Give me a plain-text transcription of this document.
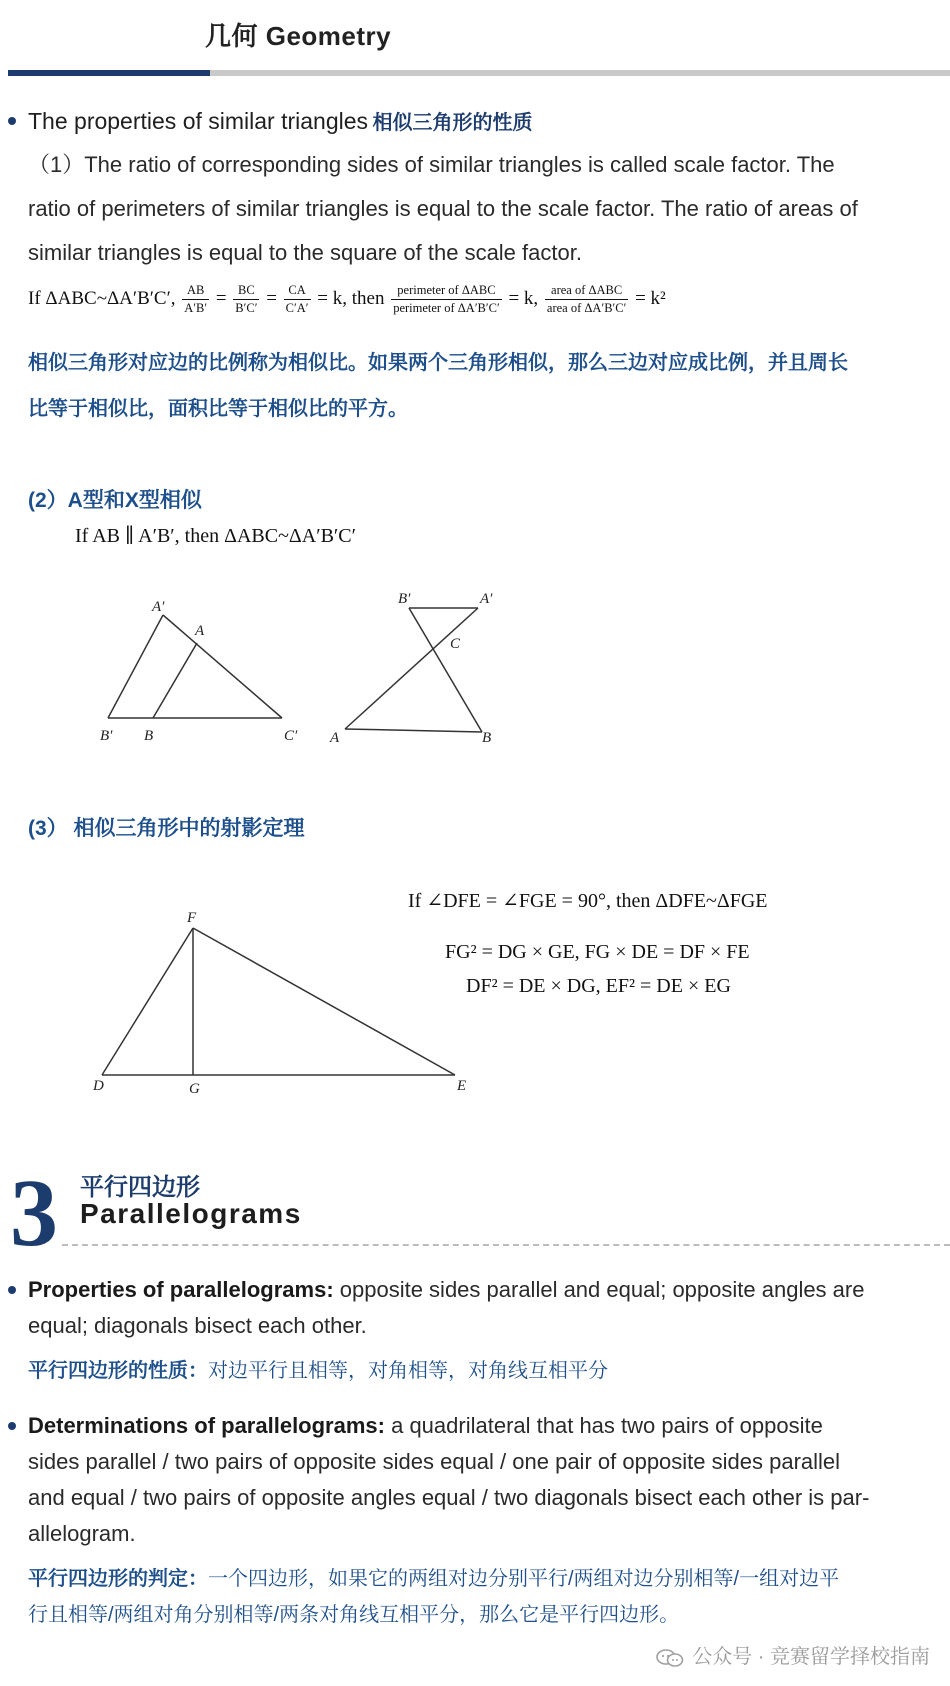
几何 Geometry
The properties of similar triangles 相似三角形的性质
（1）The ratio of corresponding sides of similar triangles is called scale factor. The
ratio of perimeters of similar triangles is equal to the scale factor. The ratio of areas of
similar triangles is equal to the square of the scale factor.
If ΔABC~ΔA′B′C′, $\frac{AB}{A'B'} = \frac{BC}{B'C'} = \frac{CA}{C'A'} = k$, then $\frac{\text{perimeter of ΔABC}}{\text{perimeter of ΔA′B′C′}} = k$, $\frac{\text{area of ΔABC}}{\text{area of ΔA′B′C′}} = k^2$
相似三角形对应边的比例称为相似比。如果两个三角形相似，那么三边对应成比例，并且周长
比等于相似比，面积比等于相似比的平方。
(2）A型和X型相似
If AB ∥ A′B′, then ΔABC~ΔA′B′C′
A′
A
B′ B	C′
B′	A′
C
A	B
(3） 相似三角形中的射影定理
F
D	G	E
If ∠DFE = ∠FGE = 90°, then ΔDFE~ΔFGE
FG² = DG × GE, FG × DE = DF × FE
DF² = DE × DG, EF² = DE × EG
3 平行四边形
Parallelograms
Properties of parallelograms: opposite sides parallel and equal; opposite angles are
equal; diagonals bisect each other.
平行四边形的性质：对边平行且相等，对角相等，对角线互相平分
Determinations of parallelograms: a quadrilateral that has two pairs of opposite
sides parallel / two pairs of opposite sides equal / one pair of opposite sides parallel
and equal / two pairs of opposite angles equal / two diagonals bisect each other is par-
allelogram.
平行四边形的判定：一个四边形，如果它的两组对边分别平行/两组对边分别相等/一组对边平
行且相等/两组对角分别相等/两条对角线互相平分，那么它是平行四边形。
公众号 · 竞赛留学择校指南
